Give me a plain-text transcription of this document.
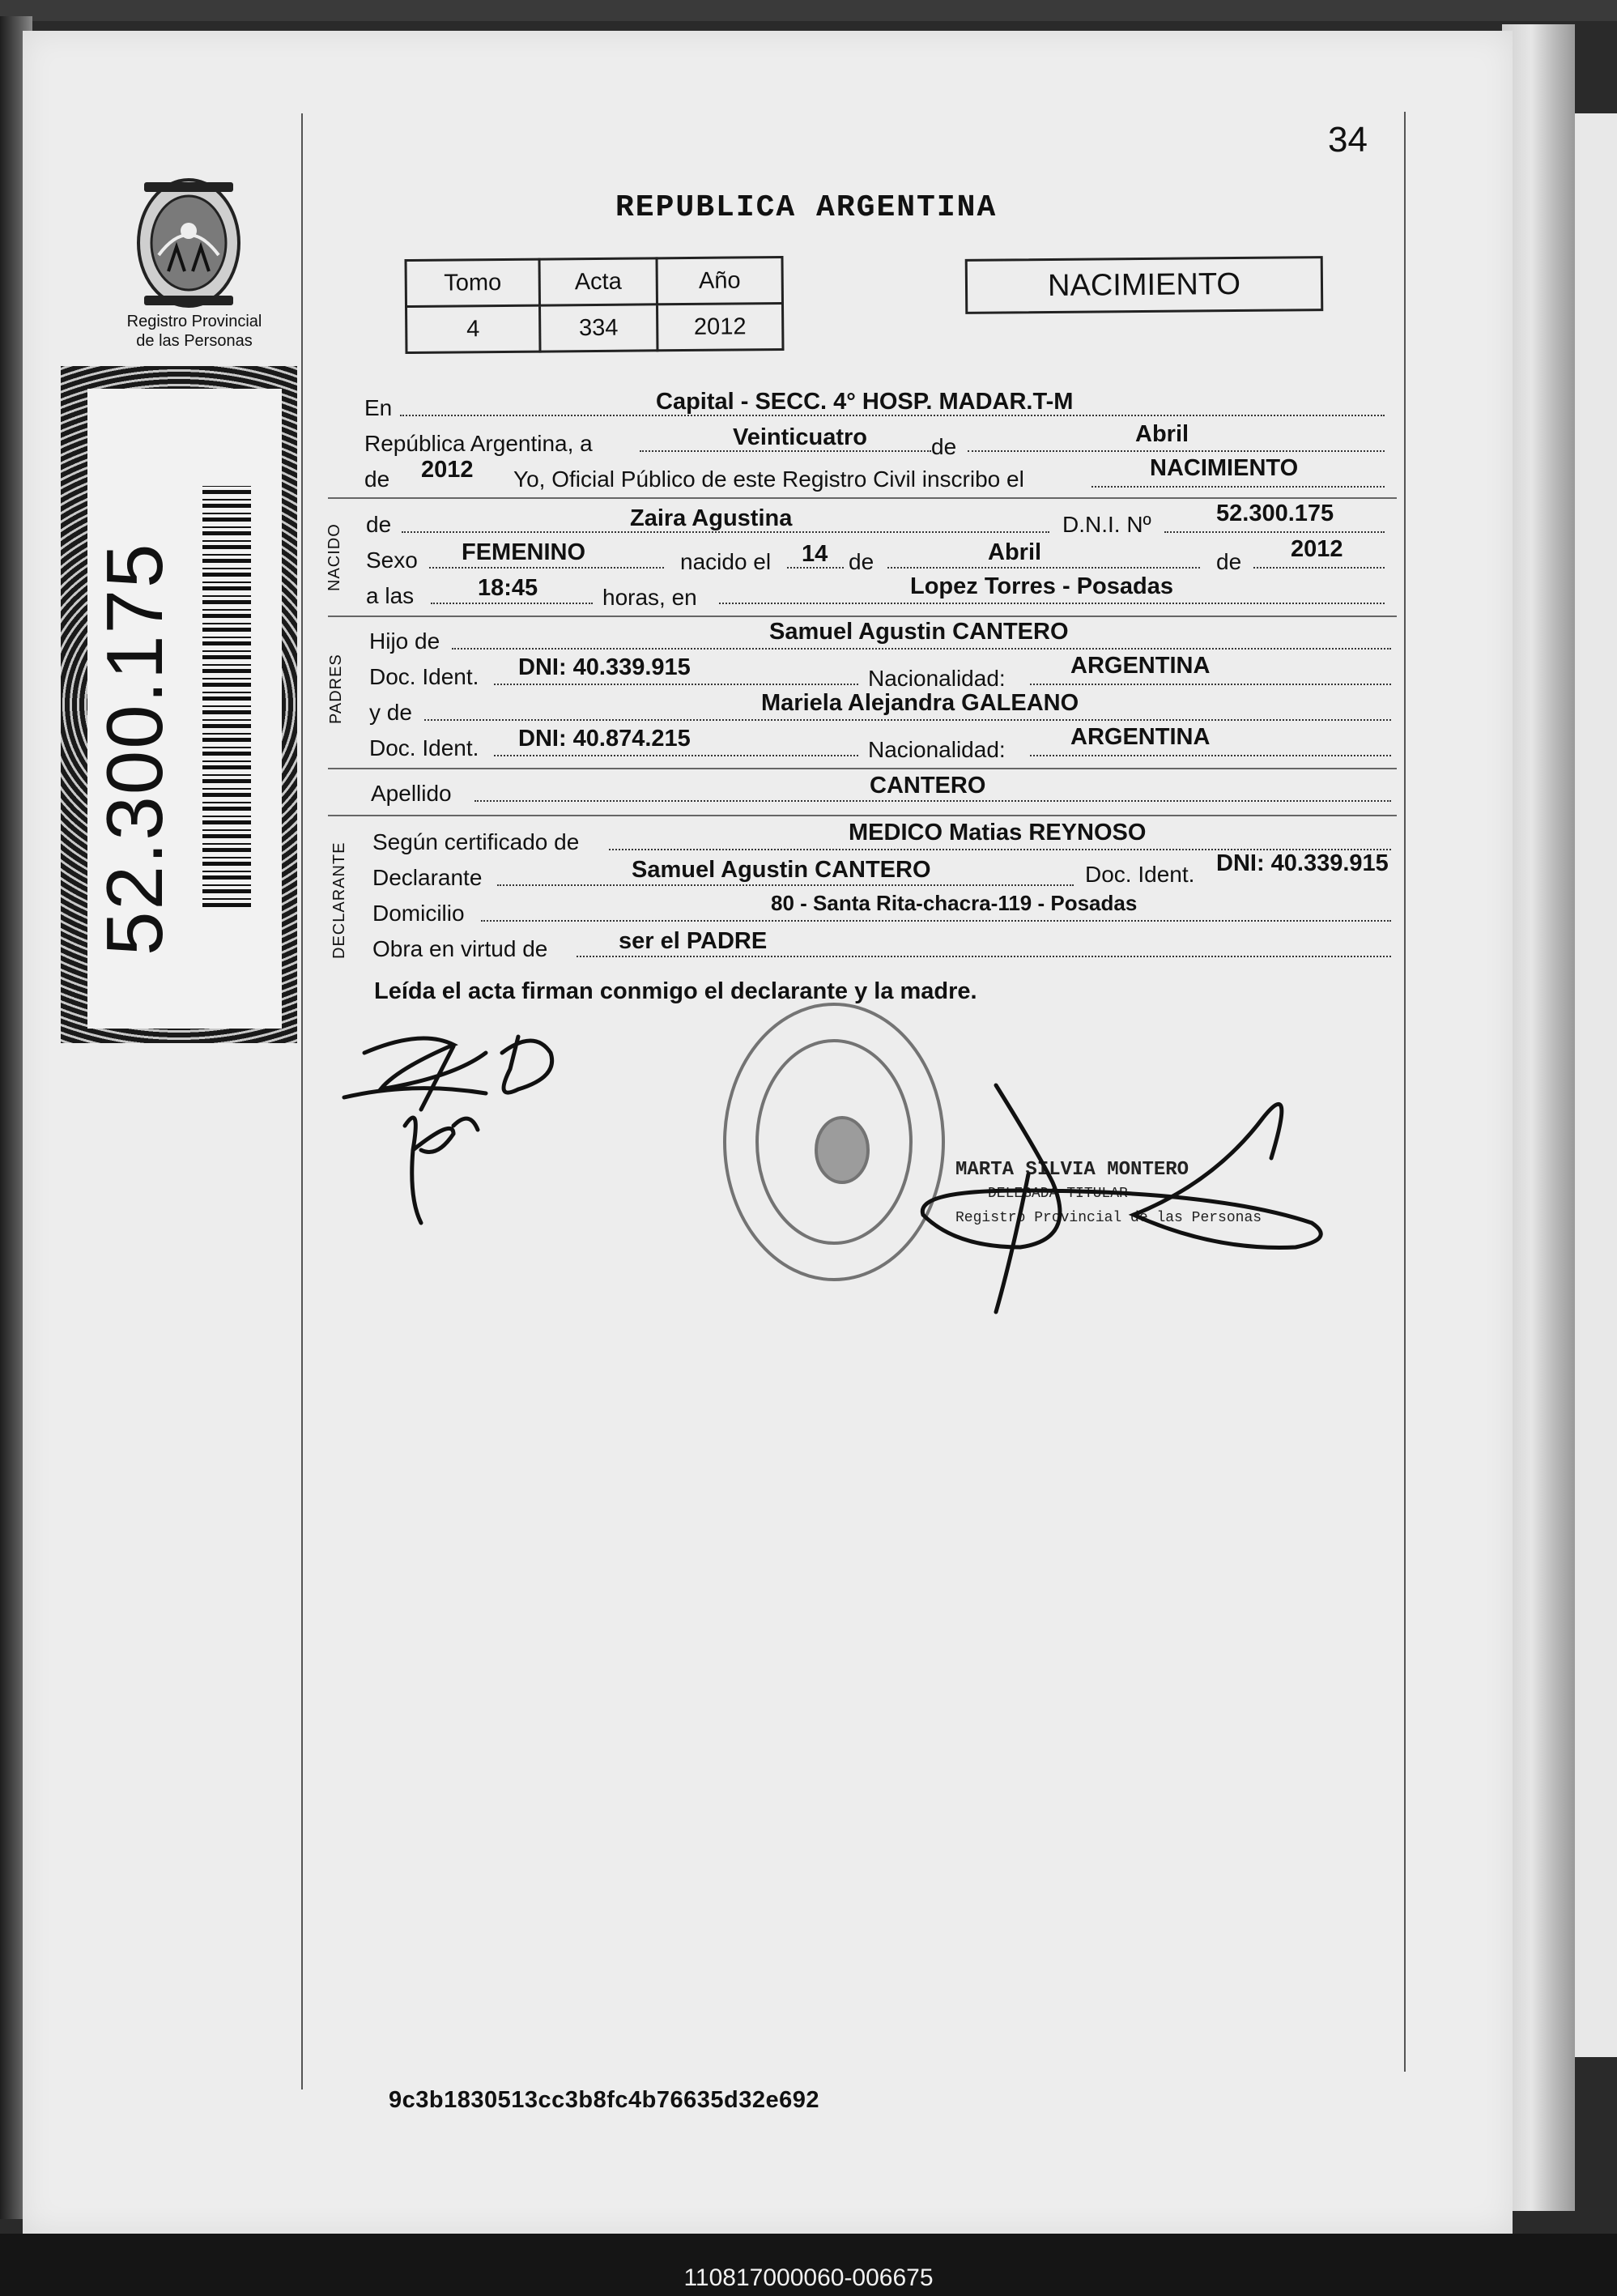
34
REPUBLICA ARGENTINA
Registro Provincial
de las Personas
Tomo	Acta	Año
4	334	2012
NACIMIENTO
52.300.175
En	Capital - SECC. 4° HOSP. MADAR.T-M
República Argentina, a	Veinticuatro	de	Abril
de 2012 Yo, Oficial Público de este Registro Civil inscribo el	NACIMIENTO
NACIDO de	Zaira Agustina	D.N.I. Nº	52.300.175
Sexo FEMENINO	nacido el 14 de	Abril	de 2012
a las	18:45	horas, en	Lopez Torres - Posadas
PADRES
Hijo de	Samuel Agustin CANTERO
Doc. Ident. DNI: 40.339.915	Nacionalidad:	ARGENTINA
y de	Mariela Alejandra GALEANO
Doc. Ident. DNI: 40.874.215	Nacionalidad:	ARGENTINA
Apellido	CANTERO
DECLARANTE
Según certificado de	MEDICO Matias REYNOSO
Declarante	Samuel Agustin CANTERO	Doc. Ident. DNI: 40.339.915
Domicilio	80 - Santa Rita-chacra-119 - Posadas
Obra en virtud de	ser el PADRE
Leída el acta firman conmigo el declarante y la madre.
MARTA SILVIA MONTERO
DELEGADA TITULAR
Registro Provincial de las Personas
9c3b1830513cc3b8fc4b76635d32e692
110817000060-006675
